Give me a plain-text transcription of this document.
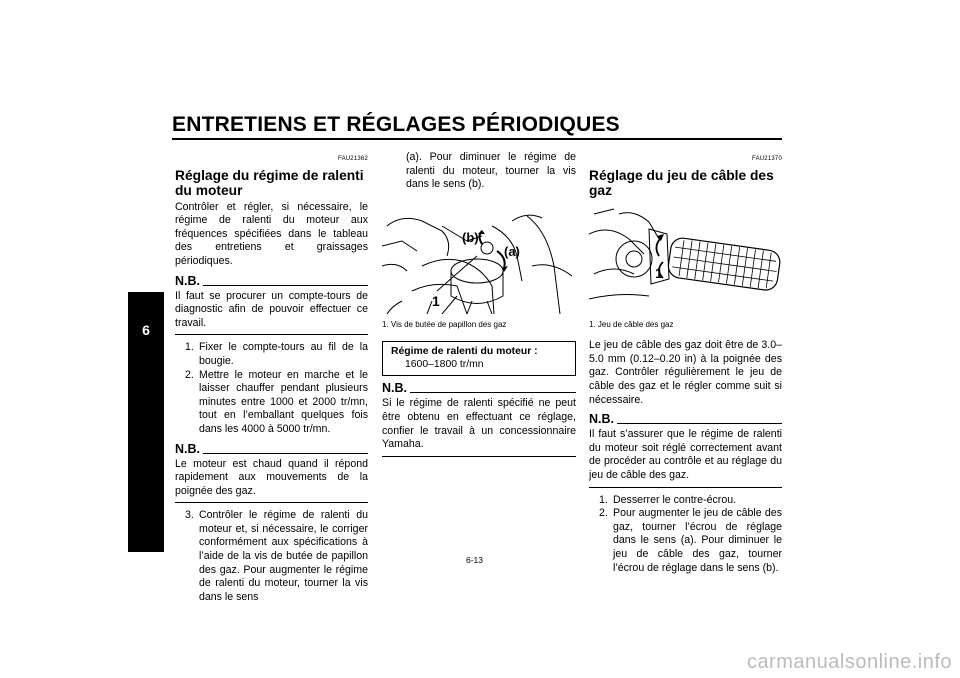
ENTRETIENS ET RÉGLAGES PÉRIODIQUES
6
FAU21362
Réglage du régime de ralenti du moteur
Contrôler et régler, si nécessaire, le régime de ralenti du moteur aux fréquences spécifiées dans le tableau des entretiens et graissages périodiques.
N.B.
Il faut se procurer un compte-tours de diagnostic afin de pouvoir effectuer ce travail.
1. Fixer le compte-tours au fil de la bougie.
2. Mettre le moteur en marche et le laisser chauffer pendant plusieurs minutes entre 1000 et 2000 tr/mn, tout en l’emballant quelques fois dans les 4000 à 5000 tr/mn.
N.B.
Le moteur est chaud quand il répond rapidement aux mouvements de la poignée des gaz.
3. Contrôler le régime de ralenti du moteur et, si nécessaire, le corriger conformément aux spécifications à l’aide de la vis de butée de papillon des gaz. Pour augmenter le régime de ralenti du moteur, tourner la vis dans le sens
(a). Pour diminuer le régime de ralenti du moteur, tourner la vis dans le sens (b).
(b)
(a)
1
1. Vis de butée de papillon des gaz
Régime de ralenti du moteur :
1600–1800 tr/mn
N.B.
Si le régime de ralenti spécifié ne peut être obtenu en effectuant ce réglage, confier le travail à un concessionnaire Yamaha.
FAU21370
Réglage du jeu de câble des gaz
1
1. Jeu de câble des gaz
Le jeu de câble des gaz doit être de 3.0–5.0 mm (0.12–0.20 in) à la poignée des gaz. Contrôler régulièrement le jeu de câble des gaz et le régler comme suit si nécessaire.
N.B.
Il faut s’assurer que le régime de ralenti du moteur soit réglé correctement avant de procéder au contrôle et au réglage du jeu de câble des gaz.
1. Desserrer le contre-écrou.
2. Pour augmenter le jeu de câble des gaz, tourner l’écrou de réglage dans le sens (a). Pour diminuer le jeu de câble des gaz, tourner l’écrou de réglage dans le sens (b).
6-13
carmanualsonline.info
